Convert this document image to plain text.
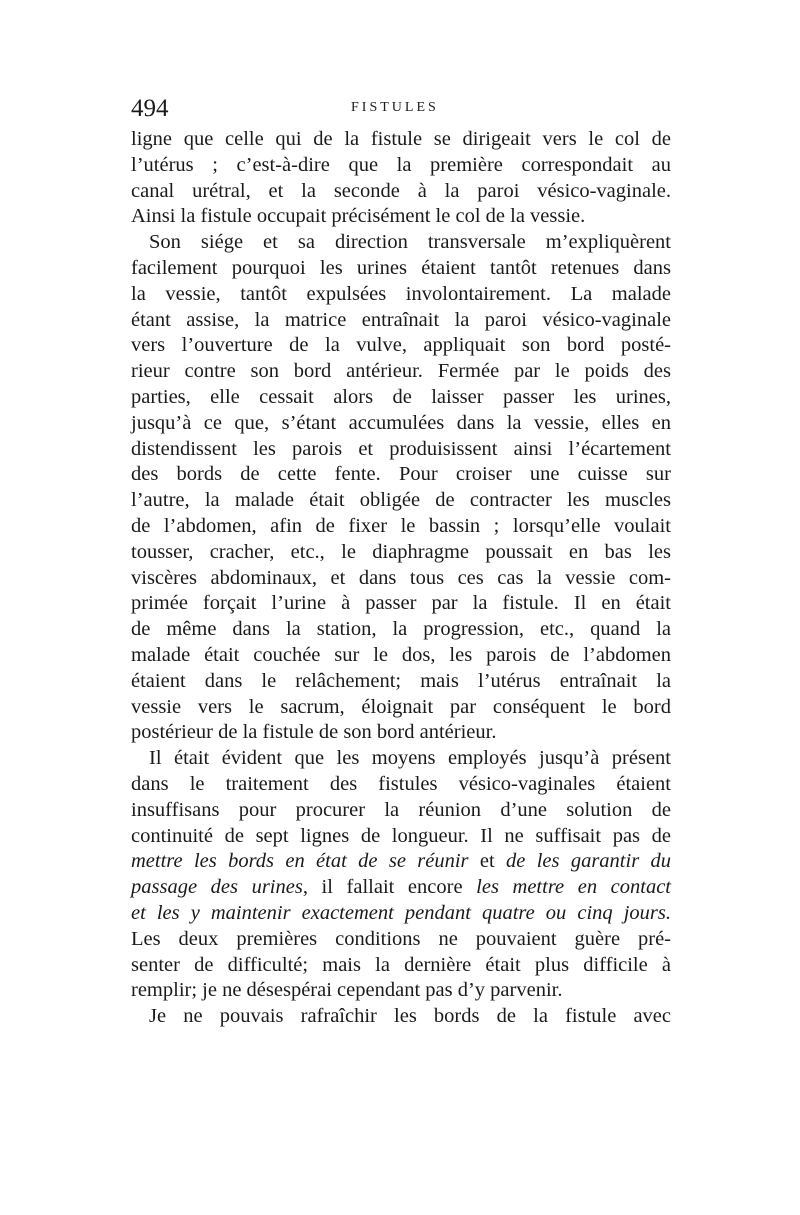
494	FISTULES
ligne que celle qui de la fistule se dirigeait vers le col de
l’utérus ; c’est-à-dire que la première correspondait au
canal urétral, et la seconde à la paroi vésico-vaginale.
Ainsi la fistule occupait précisément le col de la vessie.
Son siége et sa direction transversale m’expliquèrent
facilement pourquoi les urines étaient tantôt retenues dans
la vessie, tantôt expulsées involontairement. La malade
étant assise, la matrice entraînait la paroi vésico-vaginale
vers l’ouverture de la vulve, appliquait son bord posté-
rieur contre son bord antérieur. Fermée par le poids des
parties, elle cessait alors de laisser passer les urines,
jusqu’à ce que, s’étant accumulées dans la vessie, elles en
distendissent les parois et produisissent ainsi l’écartement
des bords de cette fente. Pour croiser une cuisse sur
l’autre, la malade était obligée de contracter les muscles
de l’abdomen, afin de fixer le bassin ; lorsqu’elle voulait
tousser, cracher, etc., le diaphragme poussait en bas les
viscères abdominaux, et dans tous ces cas la vessie com-
primée forçait l’urine à passer par la fistule. Il en était
de même dans la station, la progression, etc., quand la
malade était couchée sur le dos, les parois de l’abdomen
étaient dans le relâchement; mais l’utérus entraînait la
vessie vers le sacrum, éloignait par conséquent le bord
postérieur de la fistule de son bord antérieur.
Il était évident que les moyens employés jusqu’à présent
dans le traitement des fistules vésico-vaginales étaient
insuffisans pour procurer la réunion d’une solution de
continuité de sept lignes de longueur. Il ne suffisait pas de
mettre les bords en état de se réunir et de les garantir du
passage des urines, il fallait encore les mettre en contact
et les y maintenir exactement pendant quatre ou cinq jours.
Les deux premières conditions ne pouvaient guère pré-
senter de difficulté; mais la dernière était plus difficile à
remplir; je ne désespérai cependant pas d’y parvenir.
Je ne pouvais rafraîchir les bords de la fistule avec
